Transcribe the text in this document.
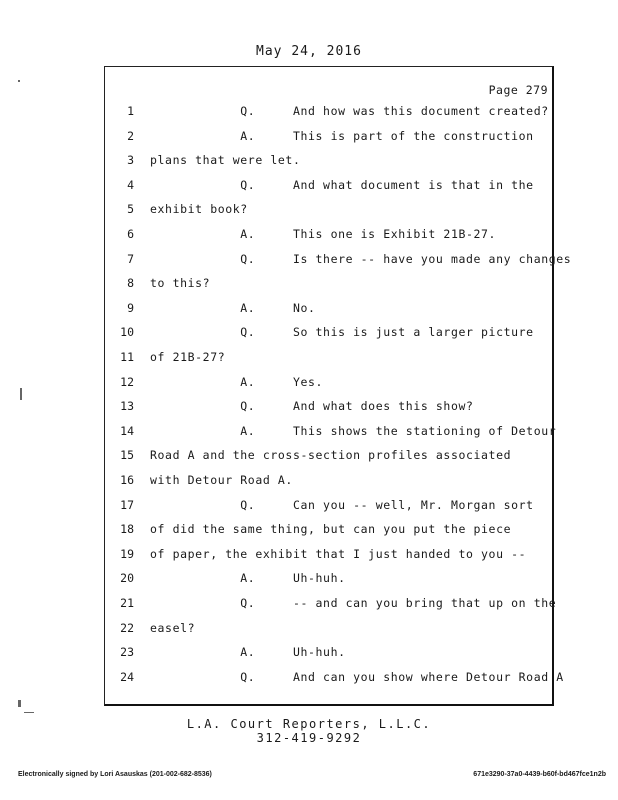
May 24, 2016
Page 279
1 Q.     And how was this document created?
2 A.     This is part of the construction
3 plans that were let.
4 Q.     And what document is that in the
5 exhibit book?
6 A.     This one is Exhibit 21B-27.
7 Q.     Is there -- have you made any changes
8 to this?
9 A.     No.
10 Q.     So this is just a larger picture
11 of 21B-27?
12 A.     Yes.
13 Q.     And what does this show?
14 A.     This shows the stationing of Detour
15 Road A and the cross-section profiles associated
16 with Detour Road A.
17 Q.     Can you -- well, Mr. Morgan sort
18 of did the same thing, but can you put the piece
19 of paper, the exhibit that I just handed to you --
20 A.     Uh-huh.
21 Q.     -- and can you bring that up on the
22 easel?
23 A.     Uh-huh.
24 Q.     And can you show where Detour Road A
L.A. Court Reporters, L.L.C.
312-419-9292
Electronically signed by Lori Asauskas (201-002-682-8536)	671e3290-37a0-4439-b60f-bd467fce1n2b
